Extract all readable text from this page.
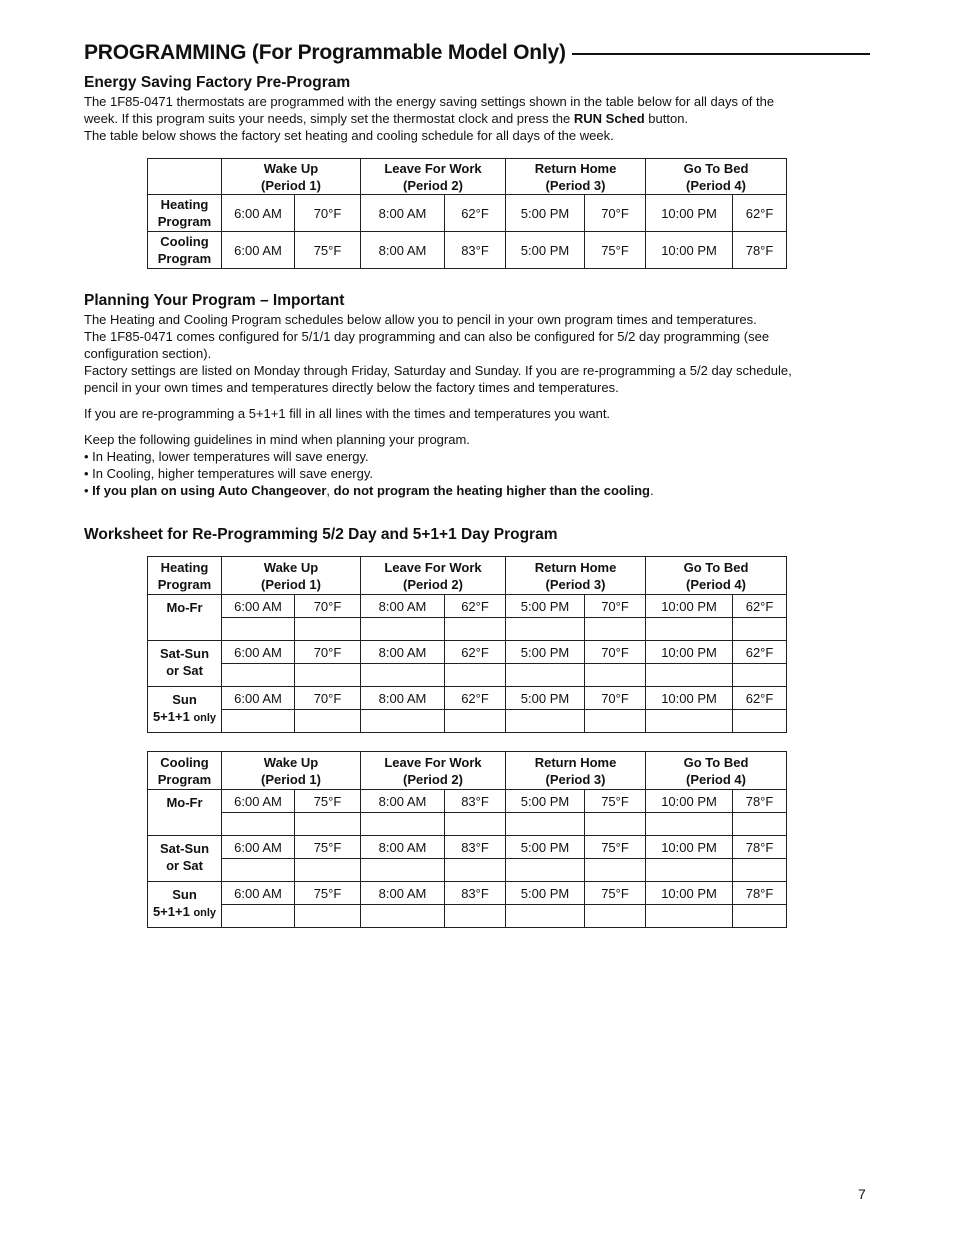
PROGRAMMING (For Programmable Model Only)
Energy Saving Factory Pre-Program

The 1F85-0471 thermostats are programmed with the energy saving settings shown in the table below for all days of the

week. If this program suits your needs, simply set the thermostat clock and press the RUN Sched button.

The table below shows the factory set heating and cooling schedule for all days of the week.

	Wake Up
(Period 1)		Leave For Work
(Period 2)		Return Home
(Period 3)		Go To Bed
(Period 4)	
Heating
Program	6:00 AM	70°F	8:00 AM	62°F	5:00 PM	70°F	10:00 PM	62°F
Cooling
Program	6:00 AM	75°F	8:00 AM	83°F	5:00 PM	75°F	10:00 PM	78°F
Planning Your Program – Important

The Heating and Cooling Program schedules below allow you to pencil in your own program times and temperatures.

The 1F85-0471 comes configured for 5/1/1 day programming and can also be configured for 5/2 day programming (see

configuration section).

Factory settings are listed on Monday through Friday, Saturday and Sunday. If you are re-programming a 5/2 day schedule,

pencil in your own times and temperatures directly below the factory times and temperatures.

If you are re-programming a 5+1+1 fill in all lines with the times and temperatures you want.

Keep the following guidelines in mind when planning your program.

• In Heating, lower temperatures will save energy.

• In Cooling, higher temperatures will save energy.

• If you plan on using Auto Changeover, do not program the heating higher than the cooling.

Worksheet for Re-Programming 5/2 Day and 5+1+1 Day Program
Heating
Program	Wake Up
(Period 1)		Leave For Work
(Period 2)		Return Home
(Period 3)		Go To Bed
(Period 4)	
Mo-Fr	6:00 AM	70°F	8:00 AM	62°F	5:00 PM	70°F	10:00 PM	62°F

Sat-Sun
or Sat	6:00 AM	70°F	8:00 AM	62°F	5:00 PM	70°F	10:00 PM	62°F

Sun
5+1+1 only	6:00 AM	70°F	8:00 AM	62°F	5:00 PM	70°F	10:00 PM	62°F

Cooling
Program	Wake Up
(Period 1)		Leave For Work
(Period 2)		Return Home
(Period 3)		Go To Bed
(Period 4)	
Mo-Fr	6:00 AM	75°F	8:00 AM	83°F	5:00 PM	75°F	10:00 PM	78°F

Sat-Sun
or Sat	6:00 AM	75°F	8:00 AM	83°F	5:00 PM	75°F	10:00 PM	78°F

Sun
5+1+1 only	6:00 AM	75°F	8:00 AM	83°F	5:00 PM	75°F	10:00 PM	78°F

7
